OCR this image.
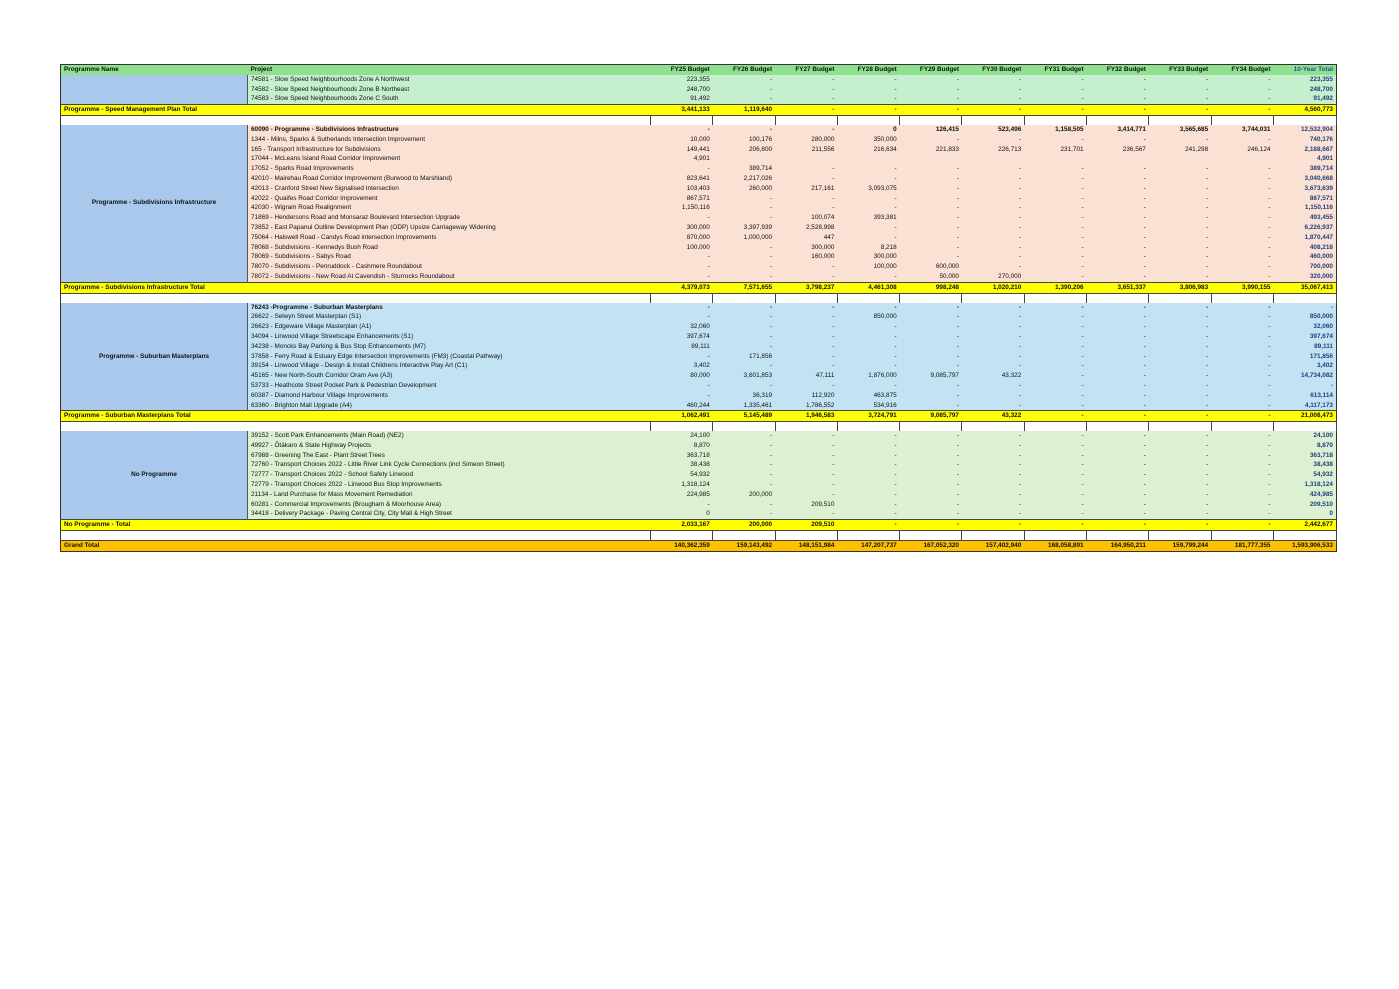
Programme Name	Project	FY25 Budget	FY26 Budget	FY27 Budget	FY28 Budget	FY29 Budget	FY30 Budget	FY31 Budget	FY32 Budget	FY33 Budget	FY34 Budget	10-Year Total
	74581 - Slow Speed Neighbourhoods Zone A Northwest	223,355	-	-	-	-	-	-	-	-	-	223,355
	74582 - Slow Speed Neighbourhoods Zone B Northeast	248,700	-	-	-	-	-	-	-	-	-	248,700
	74583 - Slow Speed Neighbourhoods Zone C South	91,492	-	-	-	-	-	-	-	-	-	91,492
Programme - Speed Management Plan Total		3,441,133	1,119,640	-	-	-	-	-	-	-	-	4,560,773

Programme - Subdivisions Infrastructure	60090 - Programme - Subdivisions Infrastructure	-	-	-	0	126,415	523,496	1,158,505	3,414,771	3,565,685	3,744,031	12,532,904
	1344 - Milns, Sparks & Sutherlands Intersection Improvement	10,000	100,176	280,000	350,000	-	-	-	-	-	-	740,176
	165 - Transport Infrastructure for Subdivisions	149,441	206,800	211,556	216,634	221,833	226,713	231,701	236,567	241,298	246,124	2,188,667
	17044 - McLeans Island Road Corridor Improvement	4,901										4,901
	17052 - Sparks Road Improvements	-	389,714	-	-	-	-	-	-	-	-	389,714
	42010 - Mairehau Road Corridor Improvement (Burwood to Marshland)	823,641	2,217,026	-	-	-	-	-	-	-	-	3,040,668
	42013 - Cranford Street New Signalised Intersection	103,403	260,000	217,161	3,093,075	-	-	-	-	-	-	3,673,639
	42022 - Quaifes Road Corridor Improvement	867,571	-	-	-	-	-	-	-	-	-	867,571
	42030 - Wigram Road Realignment	1,150,116	-	-	-	-	-	-	-	-	-	1,150,116
	71869 - Hendersons Road and Monsaraz Boulevard Intersection Upgrade	-	-	100,074	393,381	-	-	-	-	-	-	493,455
	73852 - East Papanui Outline Development Plan (ODP) Upsize Carriageway Widening	300,000	3,397,939	2,528,998	-	-	-	-	-	-	-	6,226,937
	75064 - Halswell Road - Candys Road intersection Improvements	870,000	1,000,000	447	-	-	-	-	-	-	-	1,870,447
	78068 - Subdivisions - Kennedys Bush Road	100,000	-	300,000	8,218	-	-	-	-	-	-	408,218
	78069 - Subdivisions - Sabys Road	-	-	160,000	300,000	-	-	-	-	-	-	460,000
	78070 - Subdivisions - Penruddock - Cashmere Roundabout	-	-	-	100,000	600,000	-	-	-	-	-	700,000
	78072 - Subdivisions - New Road At Cavendish - Sturrocks Roundabout	-	-	-	-	50,000	270,000	-	-	-	-	320,000
Programme - Subdivisions Infrastructure Total		4,379,073	7,571,655	3,798,237	4,461,308	998,248	1,020,210	1,390,206	3,651,337	3,806,983	3,990,155	35,067,413

Programme - Suburban Masterplans	76243 -Programme - Suburban Masterplans	-	-	-	-	-	-	-	-	-	-	-
	26622 - Selwyn Street Masterplan (S1)	-	-	-	850,000	-	-	-	-	-	-	850,000
	26623 - Edgeware Village Masterplan (A1)	32,060	-	-	-	-	-	-	-	-	-	32,060
	34094 - Linwood Village Streetscape Enhancements (S1)	397,674	-	-	-	-	-	-	-	-	-	397,674
	34238 - Moncks Bay Parking & Bus Stop Enhancements (M7)	89,111	-	-	-	-	-	-	-	-	-	89,111
	37858 - Ferry Road & Estuary Edge Intersection Improvements (FM3) (Coastal Pathway)	-	171,856	-	-	-	-	-	-	-	-	171,856
	39154 - Linwood Village - Design & Install Childrens Interactive Play Art (C1)	3,402	-	-	-	-	-	-	-	-	-	3,402
	45165 - New North-South Corridor Oram Ave (A3)	80,000	3,601,853	47,111	1,876,000	9,085,797	43,322	-	-	-	-	14,734,082
	53733 - Heathcote Street Pocket Park & Pedestrian Development	-	-	-	-	-	-	-	-	-	-	-
	60387 - Diamond Harbour Village Improvements	-	36,319	112,920	463,875	-	-	-	-	-	-	613,114
	63360 - Brighton Mall Upgrade (A4)	460,244	1,335,461	1,786,552	534,916	-	-	-	-	-	-	4,117,173
Programme - Suburban Masterplans Total		1,062,491	5,145,489	1,946,583	3,724,791	9,085,797	43,322	-	-	-	-	21,008,473

No Programme	39152 - Scott Park Enhancements (Main Road) (NE2)	24,100	-	-	-	-	-	-	-	-	-	24,100
	49927 - Ōtākaro & State Highway Projects	8,870	-	-	-	-	-	-	-	-	-	8,870
	67988 - Greening The East - Plant Street Trees	363,718	-	-	-	-	-	-	-	-	-	363,718
	72760 - Transport Choices 2022 - Little River Link Cycle Connections (incl Simeon Street)	38,438	-	-	-	-	-	-	-	-	-	38,438
	72777 - Transport Choices 2022 - School Safety Linwood	54,932	-	-	-	-	-	-	-	-	-	54,932
	72779 - Transport Choices 2022 - Linwood Bus Stop Improvements	1,318,124	-	-	-	-	-	-	-	-	-	1,318,124
	21134 - Land Purchase for Mass Movement Remediation	224,985	200,000	-	-	-	-	-	-	-	-	424,985
	60281 - Commercial Improvements (Brougham & Moorhouse Area)	-	-	209,510	-	-	-	-	-	-	-	209,510
	34418 - Delivery Package - Paving Central City, City Mall & High Street	0	-	-	-	-	-	-	-	-	-	0
No Programme - Total		2,033,167	200,000	209,510	-	-	-	-	-	-	-	2,442,677

Grand Total		140,362,359	159,143,492	148,151,984	147,207,737	167,052,320	157,402,940	168,058,891	164,950,211	159,799,244	181,777,355	1,593,906,533
